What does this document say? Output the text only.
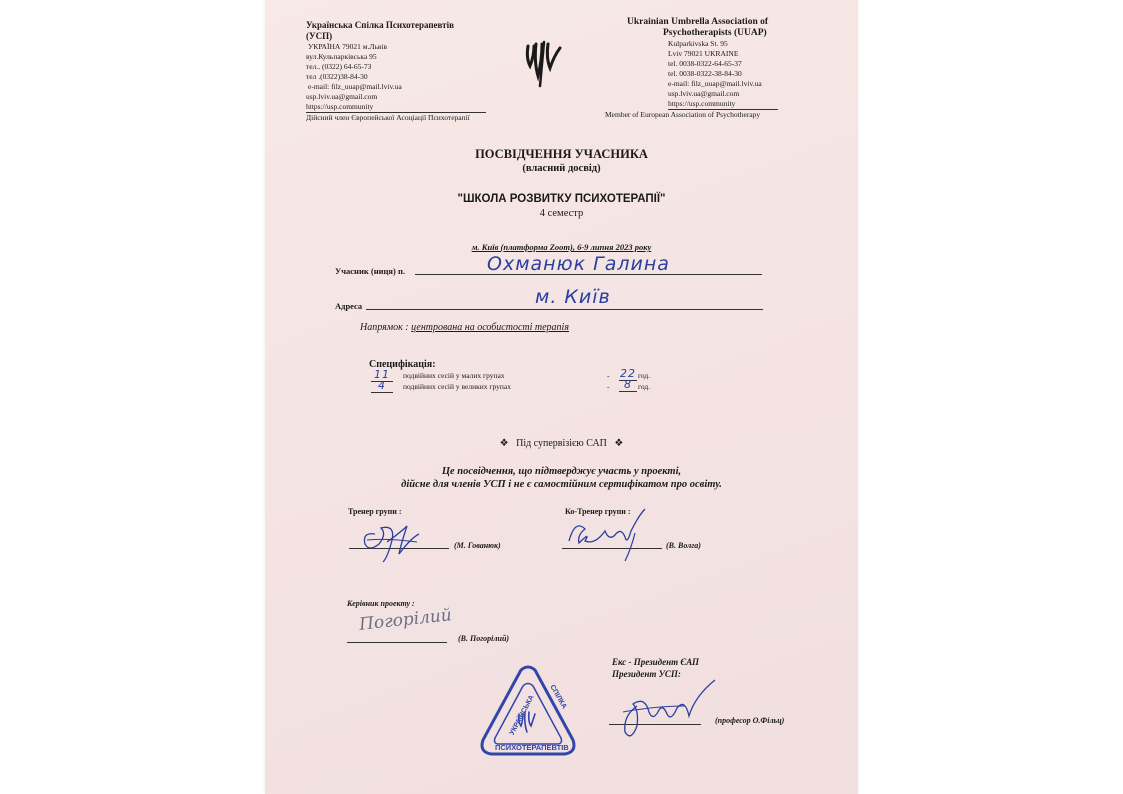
Українська Спілка Психотерапевтів
(УСП)
УКРАЇНА 79021 м.Львів
вул.Кульпарківська 95
тел.. (0322) 64-65-73
тел .(0322)38-84-30
e-mail: filz_uuap@mail.lviv.ua
usp.lviv.ua@gmail.com
https://usp.community
Дійсний член Європейської Асоціації Психотерапії
Ukrainian Umbrella Association of
Psychotherapists (UUAP)
Kulparkivska St. 95
Lviv 79021 UKRAINE
tel. 0038-0322-64-65-37
tel. 0038-0322-38-84-30
e-mail: filz_uuap@mail.lviv.ua
usp.lviv.ua@gmail.com
https://usp.community
Member of European Association of Psychotherapy
ПОСВІДЧЕННЯ УЧАСНИКА
(власний досвід)
"ШКОЛА РОЗВИТКУ ПСИХОТЕРАПІЇ"
4 семестр
м. Київ (платформа Zoom), 6-9 липня 2023 року
Учасник (ниця) п.	Охманюк Галина
Адреса	м. Київ
Напрямок : центрована на особистості терапія
Специфікація:
11	подвійних сесій у малих групах	- 22 год.
4	подвійних сесій у великих групах	-	8 год.
❖ Під супервізією САП ❖
Це посвідчення, що підтверджує участь у проекті,
дійсне для членів УСП і не є самостійним сертифікатом про освіту.
Тренер групи :
(М. Гованюк)
Ко-Тренер групи :
(В. Волга)
Керівник проекту :
(В. Погорілий)
Погорілий
Екс - Президент ЄАП
Президент УСП:
(професор О.Фільц)
ПСИХОТЕРАПЕВТІВ
УКРАЇНСЬКА СПІЛКА
